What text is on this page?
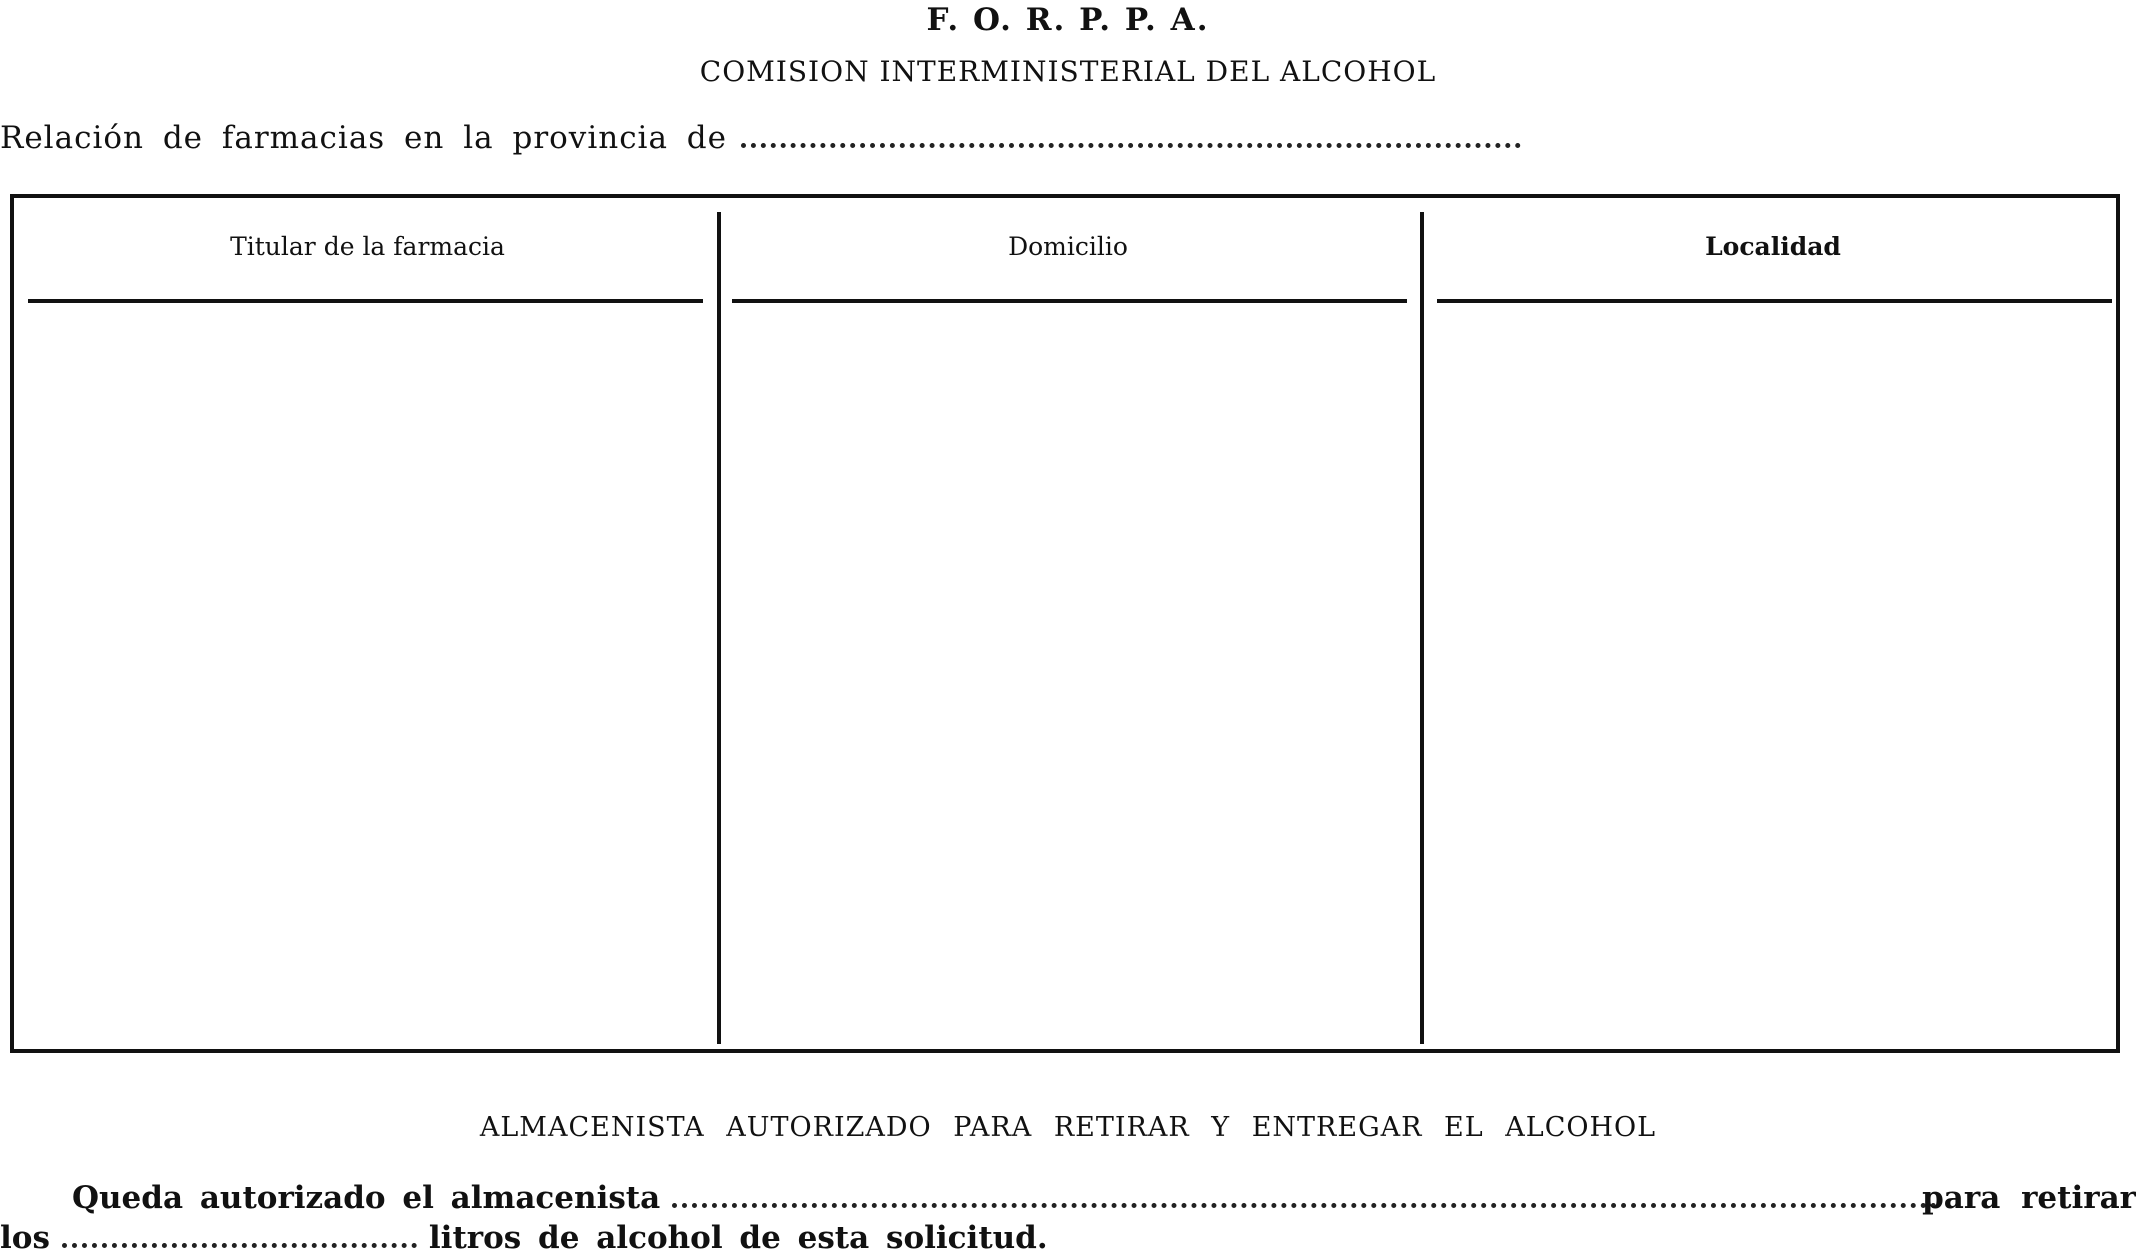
F. O. R. P. P. A.
COMISION INTERMINISTERIAL DEL ALCOHOL
Relación de farmacias en la provincia de
Titular de la farmacia	Domicilio	Localidad
ALMACENISTA AUTORIZADO PARA RETIRAR Y ENTREGAR EL ALCOHOL
Queda autorizado el almacenista	para retirar
los	litros de alcohol de esta solicitud.
